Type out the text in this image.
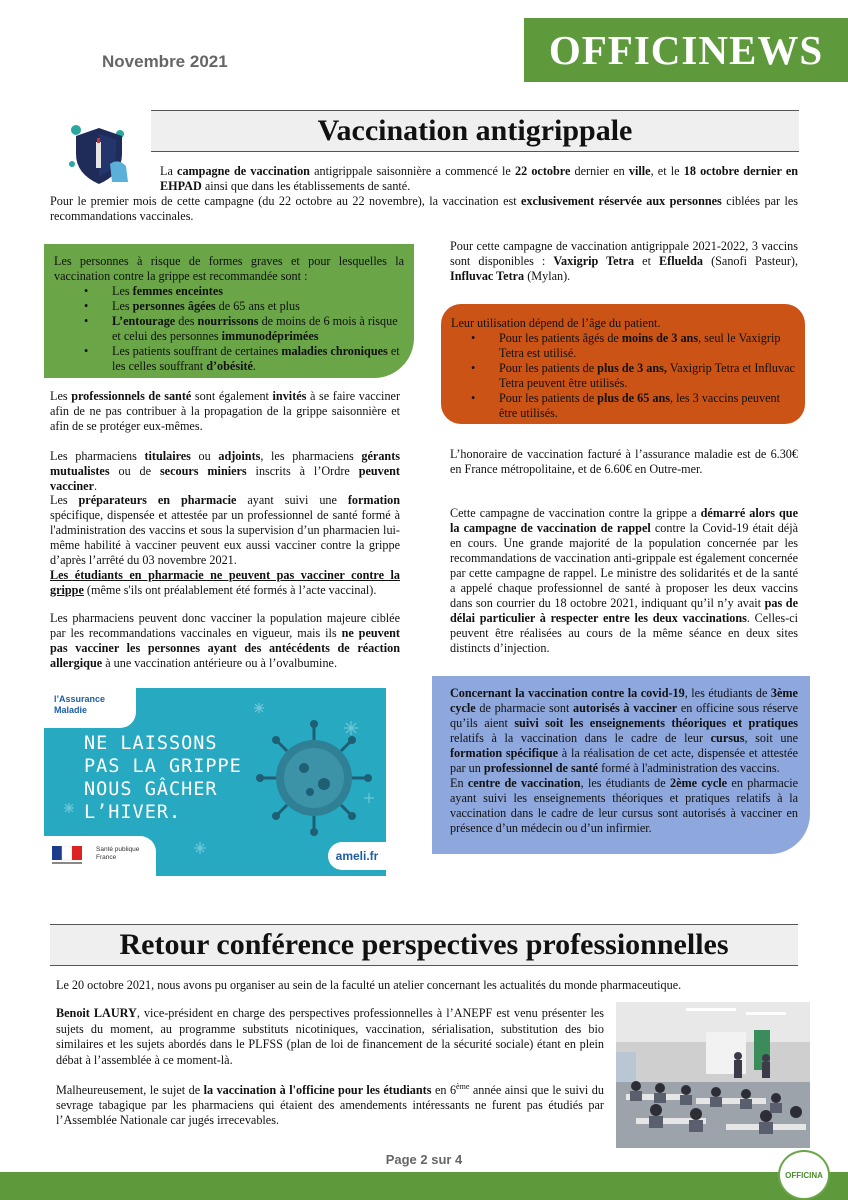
Novembre 2021	OFFICINEWS
Vaccination antigrippale
La campagne de vaccination antigrippale saisonnière a commencé le 22 octobre dernier en ville, et le 18 octobre dernier en EHPAD ainsi que dans les établissements de santé.
Pour le premier mois de cette campagne (du 22 octobre au 22 novembre), la vaccination est exclusivement réservée aux personnes ciblées par les recommandations vaccinales.
Les personnes à risque de formes graves et pour lesquelles la vaccination contre la grippe est recommandée sont :
• Les femmes enceintes
• Les personnes âgées de 65 ans et plus
• L’entourage des nourrissons de moins de 6 mois à risque et celui des personnes immunodéprimées
• Les patients souffrant de certaines maladies chroniques et les celles souffrant d’obésité.
Les professionnels de santé sont également invités à se faire vacciner afin de ne pas contribuer à la propagation de la grippe saisonnière et afin de se protéger eux-mêmes.
Les pharmaciens titulaires ou adjoints, les pharmaciens gérants mutualistes ou de secours miniers inscrits à l’Ordre peuvent vacciner.
Les préparateurs en pharmacie ayant suivi une formation spécifique, dispensée et attestée par un professionnel de santé formé à l'administration des vaccins et sous la supervision d’un pharmacien lui-même habilité à vacciner peuvent eux aussi vacciner contre la grippe d’après l’arrêté du 03 novembre 2021.
Les étudiants en pharmacie ne peuvent pas vacciner contre la grippe (même s'ils ont préalablement été formés à l’acte vaccinal).
Les pharmaciens peuvent donc vacciner la population majeure ciblée par les recommandations vaccinales en vigueur, mais ils ne peuvent pas vacciner les personnes ayant des antécédents de réaction allergique à une vaccination antérieure ou à l’ovalbumine.
l’Assurance
Maladie
NE LAISSONS
PAS LA GRIPPE
NOUS GÂCHER
L’HIVER.
Santé publique France	ameli.fr
Pour cette campagne de vaccination antigrippale 2021-2022, 3 vaccins sont disponibles : Vaxigrip Tetra et Efluelda (Sanofi Pasteur), Influvac Tetra (Mylan).
Leur utilisation dépend de l’âge du patient.
• Pour les patients âgés de moins de 3 ans, seul le Vaxigrip Tetra est utilisé.
• Pour les patients de plus de 3 ans, Vaxigrip Tetra et Influvac Tetra peuvent être utilisés.
• Pour les patients de plus de 65 ans, les 3 vaccins peuvent être utilisés.
L’honoraire de vaccination facturé à l’assurance maladie est de 6.30€ en France métropolitaine, et de 6.60€ en Outre-mer.
Cette campagne de vaccination contre la grippe a démarré alors que la campagne de vaccination de rappel contre la Covid-19 était déjà en cours. Une grande majorité de la population concernée par les recommandations de vaccination anti-grippale est également concernée par cette campagne de rappel. Le ministre des solidarités et de la santé a appelé chaque professionnel de santé à proposer les deux vaccins dans son courrier du 18 octobre 2021, indiquant qu’il n’y avait pas de délai particulier à respecter entre les deux vaccinations. Celles-ci peuvent être réalisées au cours de la même séance en deux sites distincts d’injection.
Concernant la vaccination contre la covid-19, les étudiants de 3ème cycle de pharmacie sont autorisés à vacciner en officine sous réserve qu’ils aient suivi soit les enseignements théoriques et pratiques relatifs à la vaccination dans le cadre de leur cursus, soit une formation spécifique à la réalisation de cet acte, dispensée et attestée par un professionnel de santé formé à l'administration des vaccins.
En centre de vaccination, les étudiants de 2ème cycle en pharmacie ayant suivi les enseignements théoriques et pratiques relatifs à la vaccination dans le cadre de leur cursus sont autorisés à vacciner en présence d’un médecin ou d’un infirmier.
Retour conférence perspectives professionnelles
Le 20 octobre 2021, nous avons pu organiser au sein de la faculté un atelier concernant les actualités du monde pharmaceutique.
Benoit LAURY, vice-président en charge des perspectives professionnelles à l’ANEPF est venu présenter les sujets du moment, au programme substituts nicotiniques, vaccination, sérialisation, substitution des bio similaires et les sujets abordés dans le PLFSS (plan de loi de financement de la sécurité sociale) étant en plein débat à l’assemblée à ce moment-là.
Malheureusement, le sujet de la vaccination à l'officine pour les étudiants en 6ème année ainsi que le suivi du sevrage tabagique par les pharmaciens qui étaient des amendements intéressants ne furent pas étudiés par l’Assemblée Nationale car jugés irrecevables.
Page 2 sur 4
OFFICINA
